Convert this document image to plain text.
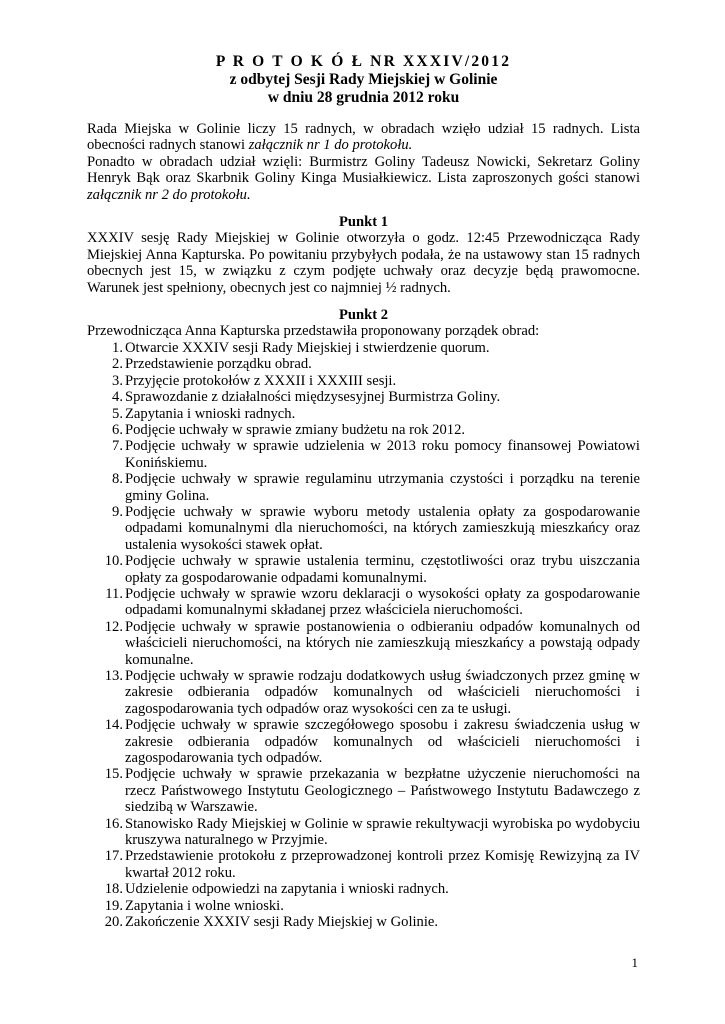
P R O T O K Ó Ł NR XXXIV/2012
z odbytej Sesji Rady Miejskiej w Golinie
w dniu 28 grudnia 2012 roku

Rada Miejska w Golinie liczy 15 radnych, w obradach wzięło udział 15 radnych. Lista obecności radnych stanowi załącznik nr 1 do protokołu.

Ponadto w obradach udział wzięli: Burmistrz Goliny Tadeusz Nowicki, Sekretarz Goliny Henryk Bąk oraz Skarbnik Goliny Kinga Musiałkiewicz. Lista zaproszonych gości stanowi załącznik nr 2 do protokołu.

Punkt 1

XXXIV sesję Rady Miejskiej w Golinie otworzyła o godz. 12:45 Przewodnicząca Rady Miejskiej Anna Kapturska. Po powitaniu przybyłych podała, że na ustawowy stan 15 radnych obecnych jest 15, w związku z czym podjęte uchwały oraz decyzje będą prawomocne. Warunek jest spełniony, obecnych jest co najmniej ½ radnych.

Punkt 2

Przewodnicząca Anna Kapturska przedstawiła proponowany porządek obrad:

1. Otwarcie XXXIV sesji Rady Miejskiej i stwierdzenie quorum.
2. Przedstawienie porządku obrad.
3. Przyjęcie protokołów z XXXII i XXXIII sesji.
4. Sprawozdanie z działalności międzysesyjnej Burmistrza Goliny.
5. Zapytania i wnioski radnych.
6. Podjęcie uchwały w sprawie zmiany budżetu na rok 2012.
7. Podjęcie uchwały w sprawie udzielenia w 2013 roku pomocy finansowej Powiatowi Konińskiemu.
8. Podjęcie uchwały w sprawie regulaminu utrzymania czystości i porządku na terenie gminy Golina.
9. Podjęcie uchwały w sprawie wyboru metody ustalenia opłaty za gospodarowanie odpadami komunalnymi dla nieruchomości, na których zamieszkują mieszkańcy oraz ustalenia wysokości stawek opłat.
10. Podjęcie uchwały w sprawie ustalenia terminu, częstotliwości oraz trybu uiszczania opłaty za gospodarowanie odpadami komunalnymi.
11. Podjęcie uchwały w sprawie wzoru deklaracji o wysokości opłaty za gospodarowanie odpadami komunalnymi składanej przez właściciela nieruchomości.
12. Podjęcie uchwały w sprawie postanowienia o odbieraniu odpadów komunalnych od właścicieli nieruchomości, na których nie zamieszkują mieszkańcy a powstają odpady komunalne.
13. Podjęcie uchwały w sprawie rodzaju dodatkowych usług świadczonych przez gminę w zakresie odbierania odpadów komunalnych od właścicieli nieruchomości i zagospodarowania tych odpadów oraz wysokości cen za te usługi.
14. Podjęcie uchwały w sprawie szczegółowego sposobu i zakresu świadczenia usług w zakresie odbierania odpadów komunalnych od właścicieli nieruchomości i zagospodarowania tych odpadów.
15. Podjęcie uchwały w sprawie przekazania w bezpłatne użyczenie nieruchomości na rzecz Państwowego Instytutu Geologicznego – Państwowego Instytutu Badawczego z siedzibą w Warszawie.
16. Stanowisko Rady Miejskiej w Golinie w sprawie rekultywacji wyrobiska po wydobyciu kruszywa naturalnego w Przyjmie.
17. Przedstawienie protokołu z przeprowadzonej kontroli przez Komisję Rewizyjną za IV kwartał 2012 roku.
18. Udzielenie odpowiedzi na zapytania i wnioski radnych.
19. Zapytania i wolne wnioski.
20. Zakończenie XXXIV sesji Rady Miejskiej w Golinie.
1
